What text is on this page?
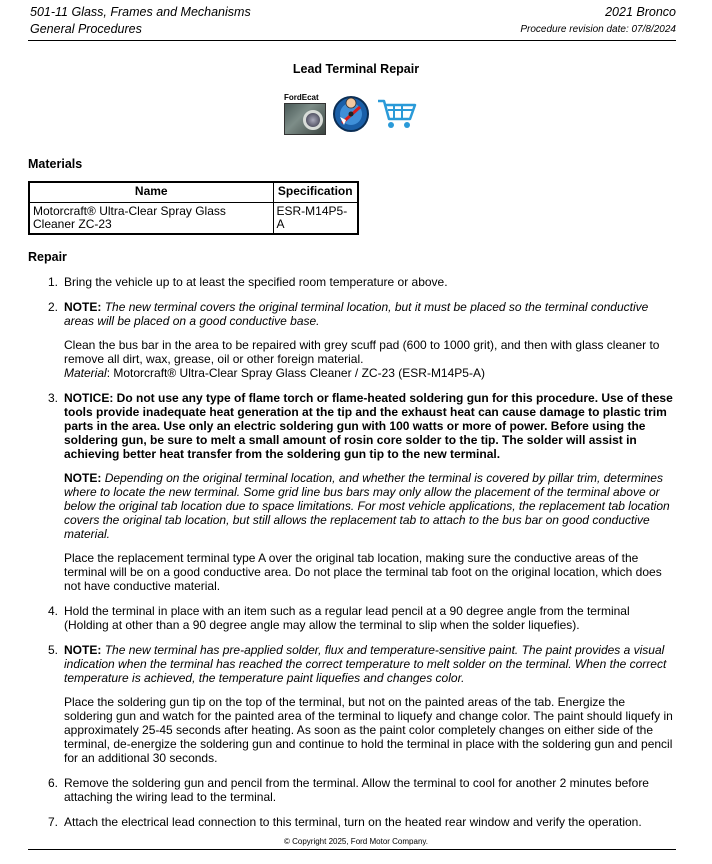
501-11 Glass, Frames and Mechanisms
General Procedures
2021 Bronco
Procedure revision date: 07/8/2024
Lead Terminal Repair
FordEcat
Materials
Name	Specification
Motorcraft® Ultra-Clear Spray Glass Cleaner ZC-23	ESR-M14P5-A
Repair
1. Bring the vehicle up to at least the specified room temperature or above.

2. NOTE: The new terminal covers the original terminal location, but it must be placed so the terminal conductive areas will be placed on a good conductive base.

Clean the bus bar in the area to be repaired with grey scuff pad (600 to 1000 grit), and then with glass cleaner to remove all dirt, wax, grease, oil or other foreign material.
Material: Motorcraft® Ultra-Clear Spray Glass Cleaner / ZC-23 (ESR-M14P5-A)

3. NOTICE: Do not use any type of flame torch or flame-heated soldering gun for this procedure. Use of these tools provide inadequate heat generation at the tip and the exhaust heat can cause damage to plastic trim parts in the area. Use only an electric soldering gun with 100 watts or more of power. Before using the soldering gun, be sure to melt a small amount of rosin core solder to the tip. The solder will assist in achieving better heat transfer from the soldering gun tip to the new terminal.

NOTE: Depending on the original terminal location, and whether the terminal is covered by pillar trim, determines where to locate the new terminal. Some grid line bus bars may only allow the placement of the terminal above or below the original tab location due to space limitations. For most vehicle applications, the replacement tab location covers the original tab location, but still allows the replacement tab to attach to the bus bar on good conductive material.

Place the replacement terminal type A over the original tab location, making sure the conductive areas of the terminal will be on a good conductive area. Do not place the terminal tab foot on the original location, which does not have conductive material.

4. Hold the terminal in place with an item such as a regular lead pencil at a 90 degree angle from the terminal (Holding at other than a 90 degree angle may allow the terminal to slip when the solder liquefies).

5. NOTE: The new terminal has pre-applied solder, flux and temperature-sensitive paint. The paint provides a visual indication when the terminal has reached the correct temperature to melt solder on the terminal. When the correct temperature is achieved, the temperature paint liquefies and changes color.

Place the soldering gun tip on the top of the terminal, but not on the painted areas of the tab. Energize the soldering gun and watch for the painted area of the terminal to liquefy and change color. The paint should liquefy in approximately 25-45 seconds after heating. As soon as the paint color completely changes on either side of the terminal, de-energize the soldering gun and continue to hold the terminal in place with the soldering gun and pencil for an additional 30 seconds.

6. Remove the soldering gun and pencil from the terminal. Allow the terminal to cool for another 2 minutes before attaching the wiring lead to the terminal.

7. Attach the electrical lead connection to this terminal, turn on the heated rear window and verify the operation.

© Copyright 2025, Ford Motor Company.
